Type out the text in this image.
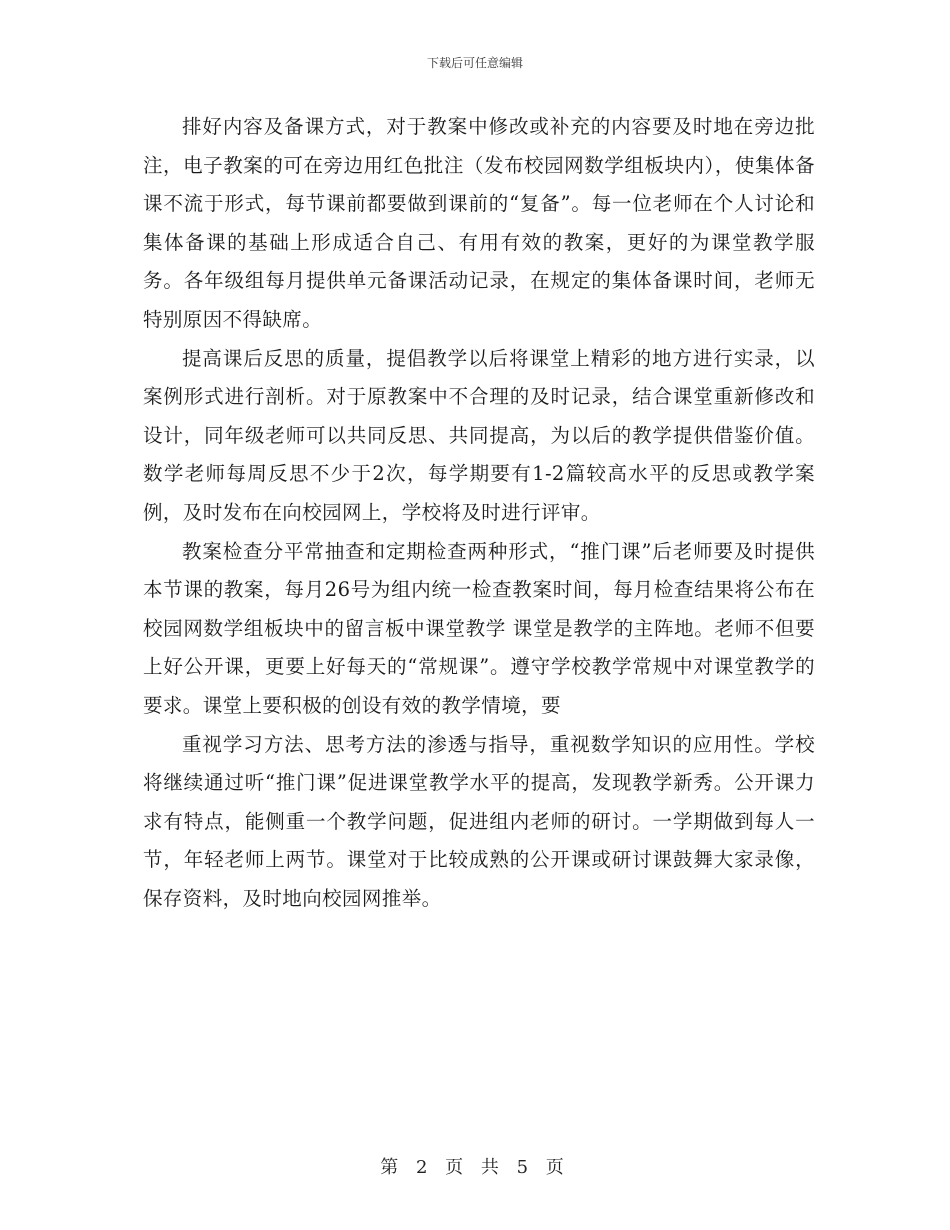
下载后可任意编辑

排好内容及备课方式，对于教案中修改或补充的内容要及时地在旁边批注，电子教案的可在旁边用红色批注（发布校园网数学组板块内），使集体备课不流于形式，每节课前都要做到课前的“复备”。每一位老师在个人讨论和集体备课的基础上形成适合自己、有用有效的教案，更好的为课堂教学服务。各年级组每月提供单元备课活动记录，在规定的集体备课时间，老师无特别原因不得缺席。

提高课后反思的质量，提倡教学以后将课堂上精彩的地方进行实录，以案例形式进行剖析。对于原教案中不合理的及时记录，结合课堂重新修改和设计，同年级老师可以共同反思、共同提高，为以后的教学提供借鉴价值。数学老师每周反思不少于2次，每学期要有1-2篇较高水平的反思或教学案例，及时发布在向校园网上，学校将及时进行评审。

教案检查分平常抽查和定期检查两种形式，“推门课”后老师要及时提供本节课的教案，每月26号为组内统一检查教案时间，每月检查结果将公布在校园网数学组板块中的留言板中课堂教学 课堂是教学的主阵地。老师不但要上好公开课，更要上好每天的“常规课”。遵守学校教学常规中对课堂教学的要求。课堂上要积极的创设有效的教学情境，要

重视学习方法、思考方法的渗透与指导，重视数学知识的应用性。学校将继续通过听“推门课”促进课堂教学水平的提高，发现教学新秀。公开课力求有特点，能侧重一个教学问题，促进组内老师的研讨。一学期做到每人一节，年轻老师上两节。课堂对于比较成熟的公开课或研讨课鼓舞大家录像，保存资料，及时地向校园网推举。

第 2 页 共 5 页
